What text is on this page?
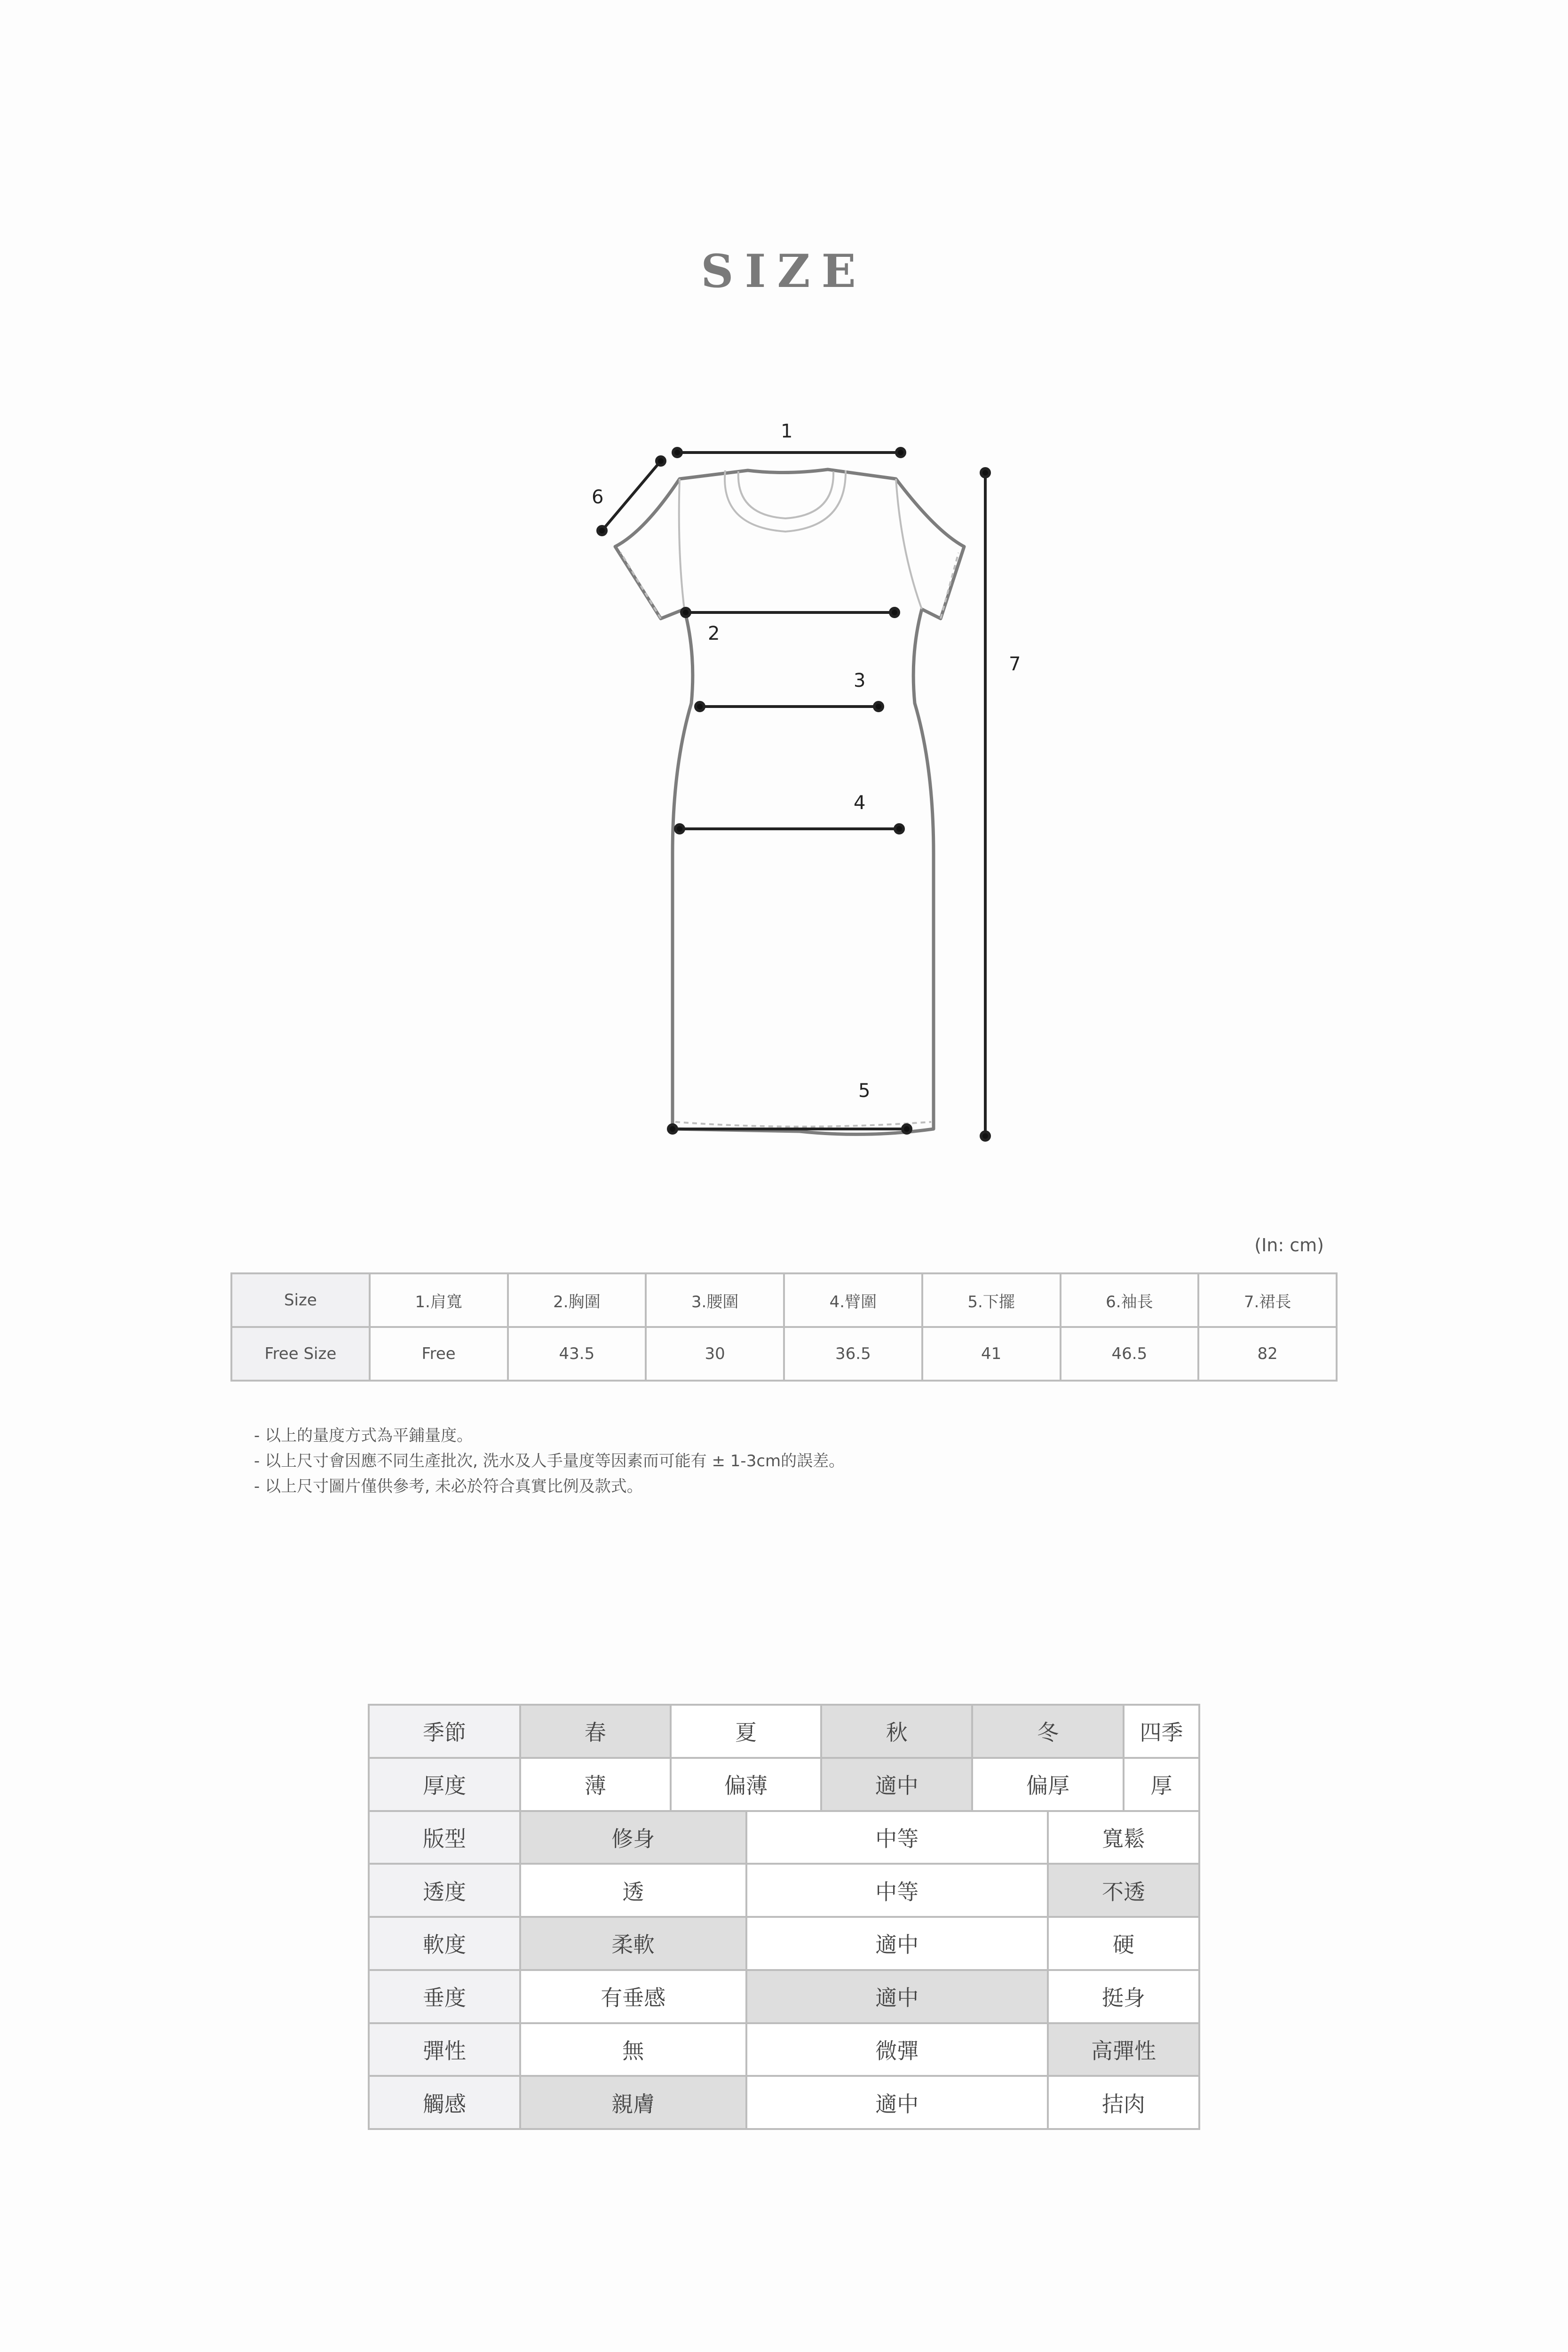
SIZE
1
2
3
4
5
6
7
(In: cm)
Size	1.肩寬	2.胸圍	3.腰圍	4.臂圍	5.下擺	6.袖長	7.裙長
Free Size	Free	43.5	30	36.5	41	46.5	82
- 以上的量度方式為平鋪量度。
- 以上尺寸會因應不同生產批次, 洗水及人手量度等因素而可能有 ± 1-3cm的誤差。
- 以上尺寸圖片僅供參考, 未必於符合真實比例及款式。
季節	春	夏		秋	冬		四季
厚度	薄	偏薄		適中	偏厚		厚
版型	修身		中等			寬鬆	
透度	透		中等			不透	
軟度	柔軟		適中			硬	
垂度	有垂感		適中			挺身	
彈性	無		微彈			高彈性	
觸感	親膚		適中			拮肉	
